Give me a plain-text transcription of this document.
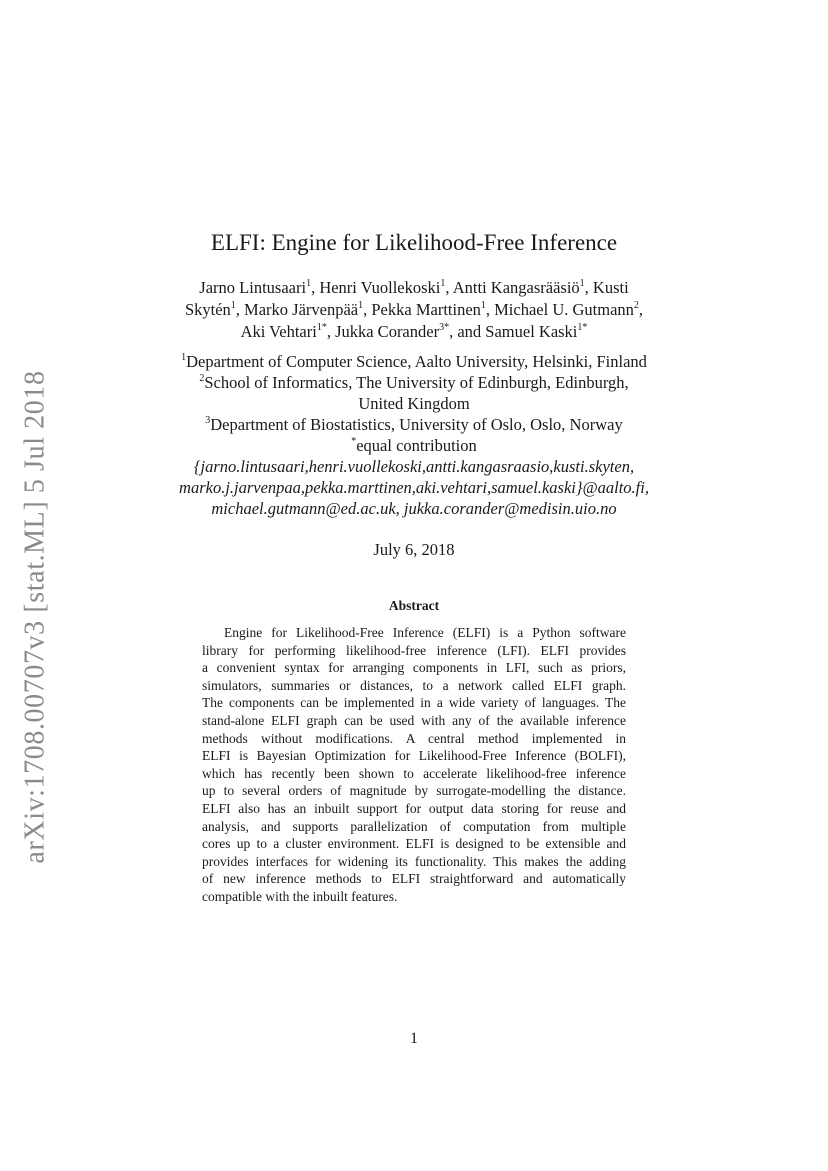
arXiv:1708.00707v3 [stat.ML] 5 Jul 2018
ELFI: Engine for Likelihood-Free Inference
Jarno Lintusaari$^1$, Henri Vuollekoski$^1$, Antti Kangasrääsiö$^1$, Kusti
Skytén$^1$, Marko Järvenpää$^1$, Pekka Marttinen$^1$, Michael U. Gutmann$^2$,
Aki Vehtari$^{1*}$, Jukka Corander$^{3*}$, and Samuel Kaski$^{1*}$
$^1$Department of Computer Science, Aalto University, Helsinki, Finland
$^2$School of Informatics, The University of Edinburgh, Edinburgh,
United Kingdom
$^3$Department of Biostatistics, University of Oslo, Oslo, Norway
*equal contribution
{jarno.lintusaari,henri.vuollekoski,antti.kangasraasio,kusti.skyten,
marko.j.jarvenpaa,pekka.marttinen,aki.vehtari,samuel.kaski}@aalto.fi,
michael.gutmann@ed.ac.uk, jukka.corander@medisin.uio.no
July 6, 2018
Abstract
Engine for Likelihood-Free Inference (ELFI) is a Python software
library for performing likelihood-free inference (LFI). ELFI provides
a convenient syntax for arranging components in LFI, such as priors,
simulators, summaries or distances, to a network called ELFI graph.
The components can be implemented in a wide variety of languages. The
stand-alone ELFI graph can be used with any of the available inference
methods without modifications. A central method implemented in
ELFI is Bayesian Optimization for Likelihood-Free Inference (BOLFI),
which has recently been shown to accelerate likelihood-free inference
up to several orders of magnitude by surrogate-modelling the distance.
ELFI also has an inbuilt support for output data storing for reuse and
analysis, and supports parallelization of computation from multiple
cores up to a cluster environment. ELFI is designed to be extensible and
provides interfaces for widening its functionality. This makes the adding
of new inference methods to ELFI straightforward and automatically
compatible with the inbuilt features.
1
